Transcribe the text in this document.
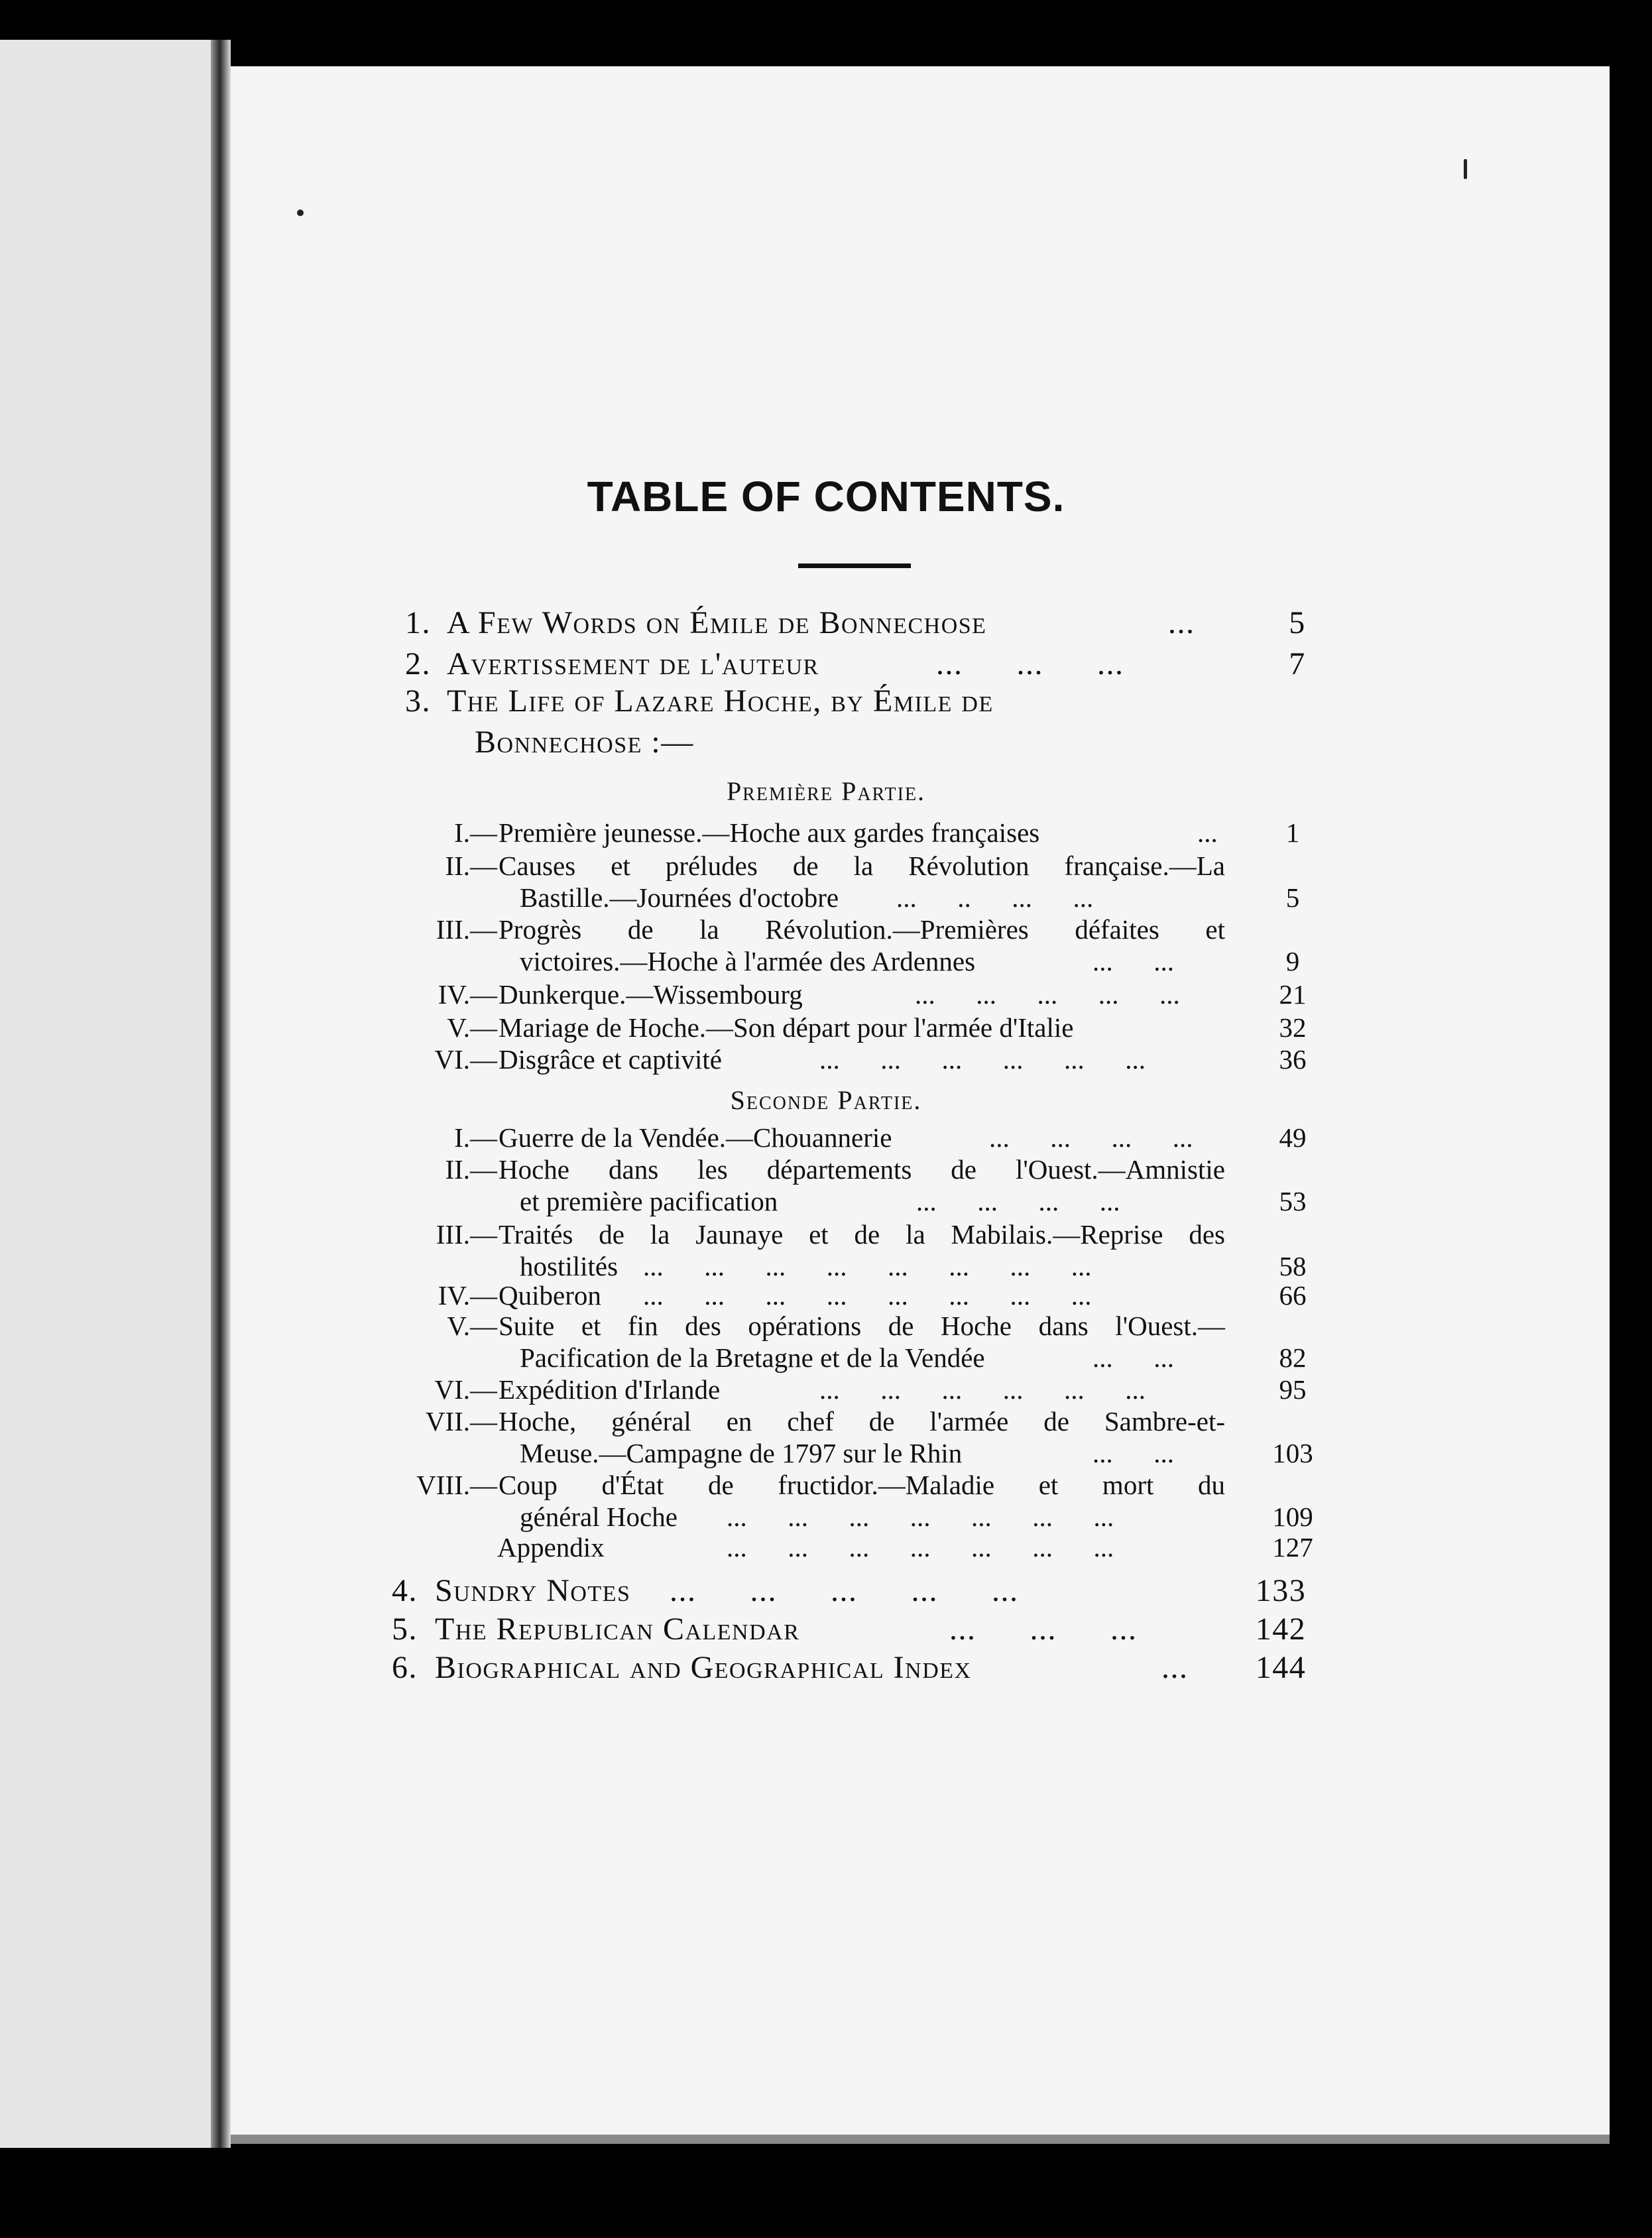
TABLE OF CONTENTS.
1. A Few Words on Émile de Bonnechose	...	5
2. Avertissement de l'auteur	...      ...      ...	7
3. The Life of Lazare Hoche, by Émile de
Bonnechose :—
Première Partie.
I.— Première jeunesse.—Hoche aux gardes françaises	...	1
II.— Causes et préludes de la Révolution française.—La
Bastille.—Journées d'octobre ...      ..      ...      ...	5
III.— Progrès de la Révolution.—Premières défaites et
victoires.—Hoche à l'armée des Ardennes	...      ...	9
IV.— Dunkerque.—Wissembourg	...      ...      ...      ...      ...	21
V.— Mariage de Hoche.—Son départ pour l'armée d'Italie	32
VI.— Disgrâce et captivité	...      ...      ...      ...      ...      ...	36
Seconde Partie.
I.— Guerre de la Vendée.—Chouannerie	...      ...      ...      ...	49
II.— Hoche dans les départements de l'Ouest.—Amnistie
et première pacification	...      ...      ...      ...	53
III.— Traités de la Jaunaye et de la Mabilais.—Reprise des
hostilités ...      ...      ...      ...      ...      ...      ...      ...	58
IV.— Quiberon ...      ...      ...      ...      ...      ...      ...      ...	66
V.— Suite et fin des opérations de Hoche dans l'Ouest.—
Pacification de la Bretagne et de la Vendée	...      ...	82
VI.— Expédition d'Irlande	...      ...      ...      ...      ...      ...	95
VII.— Hoche, général en chef de l'armée de Sambre-et-
Meuse.—Campagne de 1797 sur le Rhin	...      ...	103
VIII.— Coup d'État de fructidor.—Maladie et mort du
général Hoche ...      ...      ...      ...      ...      ...      ...	109
Appendix	...      ...      ...      ...      ...      ...      ...	127
4. Sundry Notes ...      ...      ...      ...      ...	133
5. The Republican Calendar	...      ...      ...	142
6. Biographical and Geographical Index	...	144
